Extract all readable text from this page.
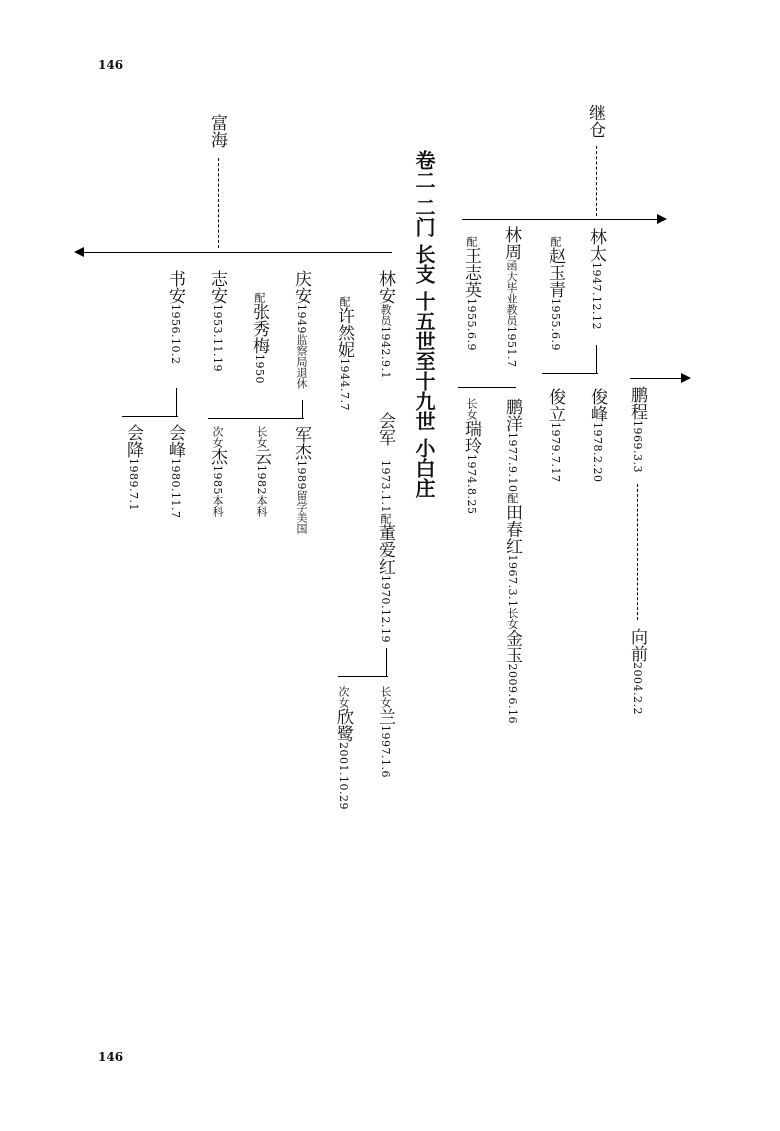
146
146
卷二 二门 长支 十五世至十九世 小白庄
继仓
富海
林太1947.12.12
配赵玉青1955.6.9
俊峰1978.2.20
俊立1979.7.17
鹏程1969.3.3
向前2004.2.2
林周函大毕业教员1951.7
配王志英1955.6.9
鹏洋1977.9.10配田春红1967.3.1长女金玉2009.6.16
长女瑞玲1974.8.25
林安教员1942.9.1
配许然妮1944.7.7
会军
1973.1.1配董爱红1970.12.19
长女兰1997.1.6
次女欣鹭2001.10.29
庆安1949监察局退休
配张秀梅1950
军杰1989留学美国
长女云1982本科
次女杰1985本科
志安1953.11.19
书安1956.10.2
会峰1980.11.7
会降1989.7.1
